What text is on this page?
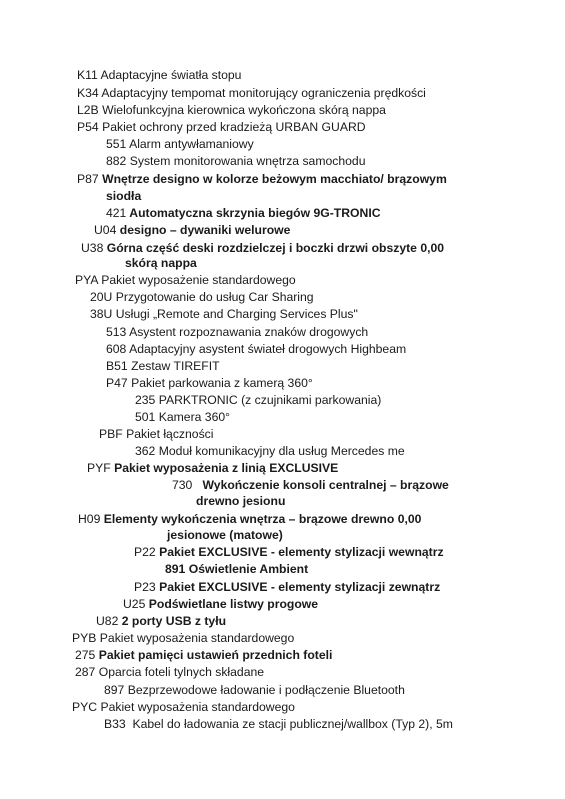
K11 Adaptacyjne światła stopu
K34 Adaptacyjny tempomat monitorujący ograniczenia prędkości
L2B Wielofunkcyjna kierownica wykończona skórą nappa
P54 Pakiet ochrony przed kradzieżą URBAN GUARD
551 Alarm antywłamaniowy
882 System monitorowania wnętrza samochodu
P87 Wnętrze designo w kolorze beżowym macchiato/ brązowym
siodła
421 Automatyczna skrzynia biegów 9G-TRONIC
U04 designo – dywaniki welurowe
U38 Górna część deski rozdzielczej i boczki drzwi obszyte 0,00
skórą nappa
PYA Pakiet wyposażenie standardowego
20U Przygotowanie do usług Car Sharing
38U Usługi „Remote and Charging Services Plus"
513 Asystent rozpoznawania znaków drogowych
608 Adaptacyjny asystent świateł drogowych Highbeam
B51 Zestaw TIREFIT
P47 Pakiet parkowania z kamerą 360°
235 PARKTRONIC (z czujnikami parkowania)
501 Kamera 360°
PBF Pakiet łączności
362 Moduł komunikacyjny dla usług Mercedes me
PYF Pakiet wyposażenia z linią EXCLUSIVE
730 Wykończenie konsoli centralnej – brązowe
drewno jesionu
H09 Elementy wykończenia wnętrza – brązowe drewno 0,00
jesionowe (matowe)
P22 Pakiet EXCLUSIVE - elementy stylizacji wewnątrz
891 Oświetlenie Ambient
P23 Pakiet EXCLUSIVE - elementy stylizacji zewnątrz
U25 Podświetlane listwy progowe
U82 2 porty USB z tyłu
PYB Pakiet wyposażenia standardowego
275 Pakiet pamięci ustawień przednich foteli
287 Oparcia foteli tylnych składane
897 Bezprzewodowe ładowanie i podłączenie Bluetooth
PYC Pakiet wyposażenia standardowego
B33 Kabel do ładowania ze stacji publicznej/wallbox (Typ 2), 5m
